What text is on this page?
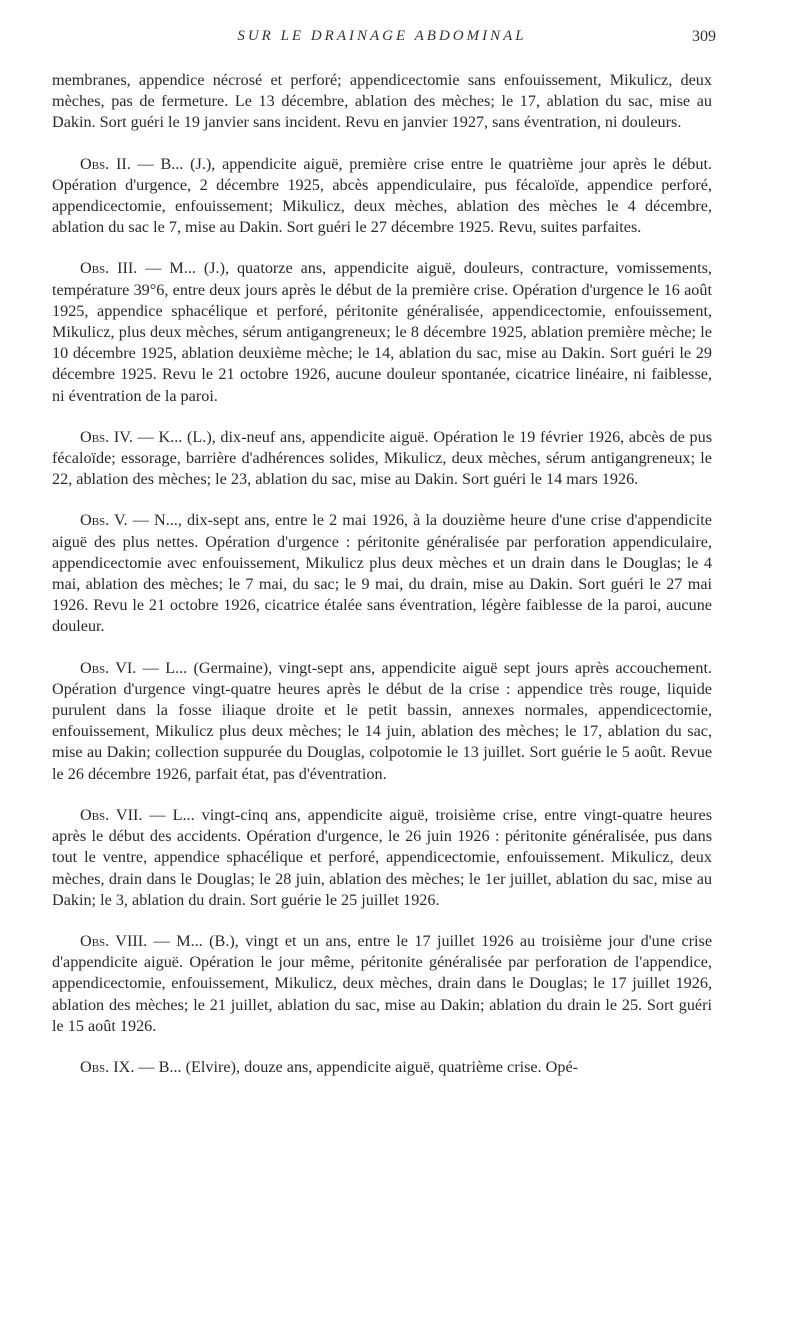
SUR LE DRAINAGE ABDOMINAL	309

membranes, appendice nécrosé et perforé; appendicectomie sans enfouissement, Mikulicz, deux mèches, pas de fermeture. Le 13 décembre, ablation des mèches; le 17, ablation du sac, mise au Dakin. Sort guéri le 19 janvier sans incident. Revu en janvier 1927, sans éventration, ni douleurs.

Obs. II. — B... (J.), appendicite aiguë, première crise entre le quatrième jour après le début. Opération d'urgence, 2 décembre 1925, abcès appendiculaire, pus fécaloïde, appendice perforé, appendicectomie, enfouissement; Mikulicz, deux mèches, ablation des mèches le 4 décembre, ablation du sac le 7, mise au Dakin. Sort guéri le 27 décembre 1925. Revu, suites parfaites.

Obs. III. — M... (J.), quatorze ans, appendicite aiguë, douleurs, contracture, vomissements, température 39°6, entre deux jours après le début de la première crise. Opération d'urgence le 16 août 1925, appendice sphacélique et perforé, péritonite généralisée, appendicectomie, enfouissement, Mikulicz, plus deux mèches, sérum antigangreneux; le 8 décembre 1925, ablation première mèche; le 10 décembre 1925, ablation deuxième mèche; le 14, ablation du sac, mise au Dakin. Sort guéri le 29 décembre 1925. Revu le 21 octobre 1926, aucune douleur spontanée, cicatrice linéaire, ni faiblesse, ni éventration de la paroi.

Obs. IV. — K... (L.), dix-neuf ans, appendicite aiguë. Opération le 19 février 1926, abcès de pus fécaloïde; essorage, barrière d'adhérences solides, Mikulicz, deux mèches, sérum antigangreneux; le 22, ablation des mèches; le 23, ablation du sac, mise au Dakin. Sort guéri le 14 mars 1926.

Obs. V. — N..., dix-sept ans, entre le 2 mai 1926, à la douzième heure d'une crise d'appendicite aiguë des plus nettes. Opération d'urgence : péritonite généralisée par perforation appendiculaire, appendicectomie avec enfouissement, Mikulicz plus deux mèches et un drain dans le Douglas; le 4 mai, ablation des mèches; le 7 mai, du sac; le 9 mai, du drain, mise au Dakin. Sort guéri le 27 mai 1926. Revu le 21 octobre 1926, cicatrice étalée sans éventration, légère faiblesse de la paroi, aucune douleur.

Obs. VI. — L... (Germaine), vingt-sept ans, appendicite aiguë sept jours après accouchement. Opération d'urgence vingt-quatre heures après le début de la crise : appendice très rouge, liquide purulent dans la fosse iliaque droite et le petit bassin, annexes normales, appendicectomie, enfouissement, Mikulicz plus deux mèches; le 14 juin, ablation des mèches; le 17, ablation du sac, mise au Dakin; collection suppurée du Douglas, colpotomie le 13 juillet. Sort guérie le 5 août. Revue le 26 décembre 1926, parfait état, pas d'éventration.

Obs. VII. — L... vingt-cinq ans, appendicite aiguë, troisième crise, entre vingt-quatre heures après le début des accidents. Opération d'urgence, le 26 juin 1926 : péritonite généralisée, pus dans tout le ventre, appendice sphacélique et perforé, appendicectomie, enfouissement. Mikulicz, deux mèches, drain dans le Douglas; le 28 juin, ablation des mèches; le 1er juillet, ablation du sac, mise au Dakin; le 3, ablation du drain. Sort guérie le 25 juillet 1926.

Obs. VIII. — M... (B.), vingt et un ans, entre le 17 juillet 1926 au troisième jour d'une crise d'appendicite aiguë. Opération le jour même, péritonite généralisée par perforation de l'appendice, appendicectomie, enfouissement, Mikulicz, deux mèches, drain dans le Douglas; le 17 juillet 1926, ablation des mèches; le 21 juillet, ablation du sac, mise au Dakin; ablation du drain le 25. Sort guéri le 15 août 1926.

Obs. IX. — B... (Elvire), douze ans, appendicite aiguë, quatrième crise. Opé-
